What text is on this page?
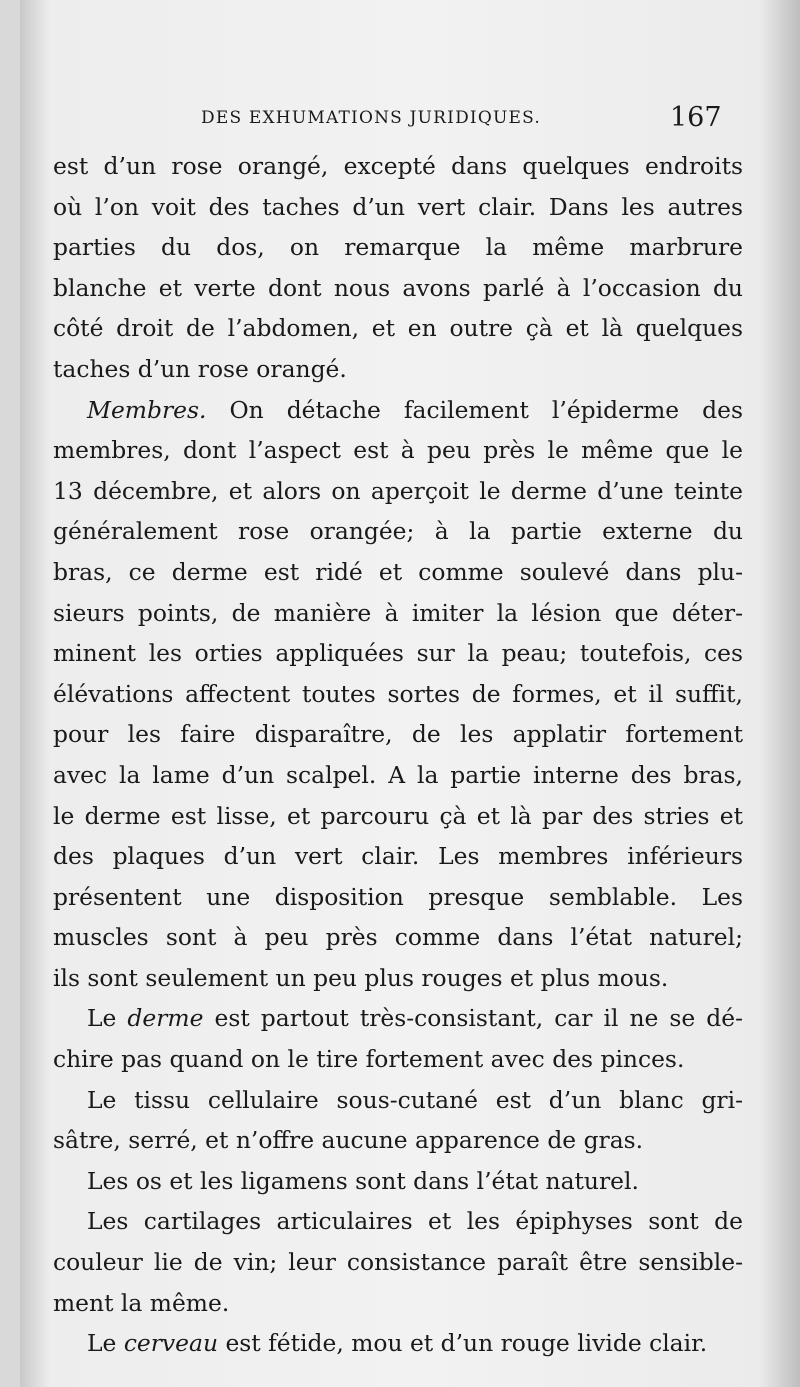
DES EXHUMATIONS JURIDIQUES.	167

est d’un rose orangé, excepté dans quelques endroits

où l’on voit des taches d’un vert clair. Dans les autres

parties du dos, on remarque la même marbrure

blanche et verte dont nous avons parlé à l’occasion du

côté droit de l’abdomen, et en outre çà et là quelques

taches d’un rose orangé.

Membres. On détache facilement l’épiderme des

membres, dont l’aspect est à peu près le même que le

13 décembre, et alors on aperçoit le derme d’une teinte

généralement rose orangée; à la partie externe du

bras, ce derme est ridé et comme soulevé dans plu-

sieurs points, de manière à imiter la lésion que déter-

minent les orties appliquées sur la peau; toutefois, ces

élévations affectent toutes sortes de formes, et il suffit,

pour les faire disparaître, de les applatir fortement

avec la lame d’un scalpel. A la partie interne des bras,

le derme est lisse, et parcouru çà et là par des stries et

des plaques d’un vert clair. Les membres inférieurs

présentent une disposition presque semblable. Les

muscles sont à peu près comme dans l’état naturel;

ils sont seulement un peu plus rouges et plus mous.

Le derme est partout très-consistant, car il ne se dé-

chire pas quand on le tire fortement avec des pinces.

Le tissu cellulaire sous-cutané est d’un blanc gri-

sâtre, serré, et n’offre aucune apparence de gras.

Les os et les ligamens sont dans l’état naturel.

Les cartilages articulaires et les épiphyses sont de

couleur lie de vin; leur consistance paraît être sensible-

ment la même.

Le cerveau est fétide, mou et d’un rouge livide clair.
